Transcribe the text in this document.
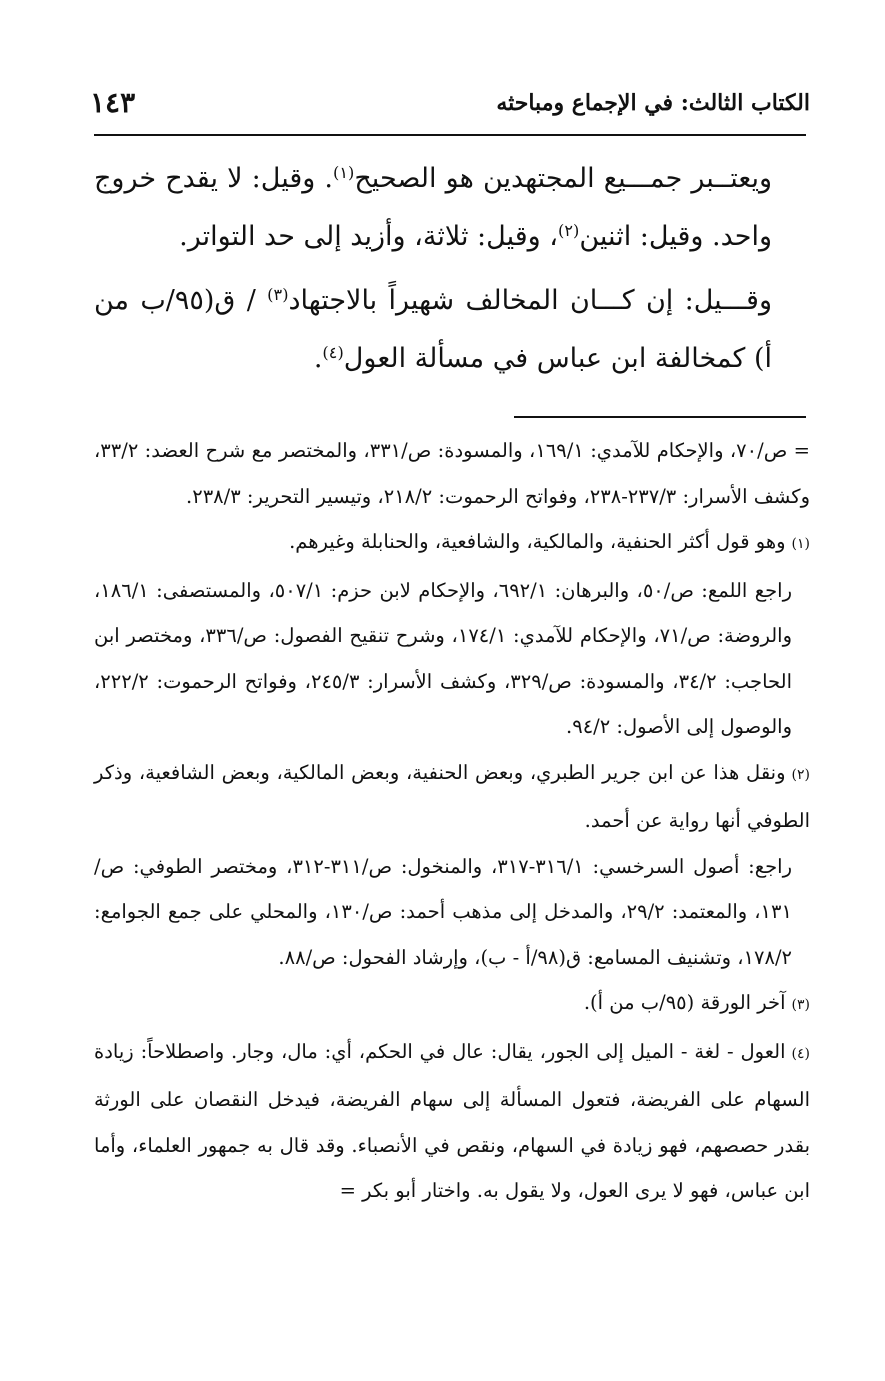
الكتاب الثالث: في الإجماع ومباحثه
١٤٣

ويعتــبر جمـــيع المجتهدين هو الصحيح$^{(١)}$. وقيل: لا يقدح خروج واحد. وقيل: اثنين$^{(٢)}$، وقيل: ثلاثة، وأزيد إلى حد التواتر.

وقـــيل: إن كـــان المخالف شهيراً بالاجتهاد$^{(٣)}$ / ق(٩٥/ب من أ) كمخالفة ابن عباس في مسألة العول$^{(٤)}$.

= ص/٧٠، والإحكام للآمدي: ١٦٩/١، والمسودة: ص/٣٣١، والمختصر مع شرح العضد: ٣٣/٢، وكشف الأسرار: ٢٣٧/٣-٢٣٨، وفواتح الرحموت: ٢١٨/٢، وتيسير التحرير: ٢٣٨/٣.

(١)وهو قول أكثر الحنفية، والمالكية، والشافعية، والحنابلة وغيرهم.

راجع اللمع: ص/٥٠، والبرهان: ٦٩٢/١، والإحكام لابن حزم: ٥٠٧/١، والمستصفى: ١٨٦/١، والروضة: ص/٧١، والإحكام للآمدي: ١٧٤/١، وشرح تنقيح الفصول: ص/٣٣٦، ومختصر ابن الحاجب: ٣٤/٢، والمسودة: ص/٣٢٩، وكشف الأسرار: ٢٤٥/٣، وفواتح الرحموت: ٢٢٢/٢، والوصول إلى الأصول: ٩٤/٢.

(٢)ونقل هذا عن ابن جرير الطبري، وبعض الحنفية، وبعض المالكية، وبعض الشافعية، وذكر الطوفي أنها رواية عن أحمد.

راجع: أصول السرخسي: ٣١٦/١-٣١٧، والمنخول: ص/٣١١-٣١٢، ومختصر الطوفي: ص/١٣١، والمعتمد: ٢٩/٢، والمدخل إلى مذهب أحمد: ص/١٣٠، والمحلي على جمع الجوامع: ١٧٨/٢، وتشنيف المسامع: ق(٩٨/أ - ب)، وإرشاد الفحول: ص/٨٨.

(٣)آخر الورقة (٩٥/ب من أ).

(٤)العول - لغة - الميل إلى الجور، يقال: عال في الحكم، أي: مال، وجار. واصطلاحاً: زيادة السهام على الفريضة، فتعول المسألة إلى سهام الفريضة، فيدخل النقصان على الورثة بقدر حصصهم، فهو زيادة في السهام، ونقص في الأنصباء. وقد قال به جمهور العلماء، وأما ابن عباس، فهو لا يرى العول، ولا يقول به. واختار أبو بكر =
